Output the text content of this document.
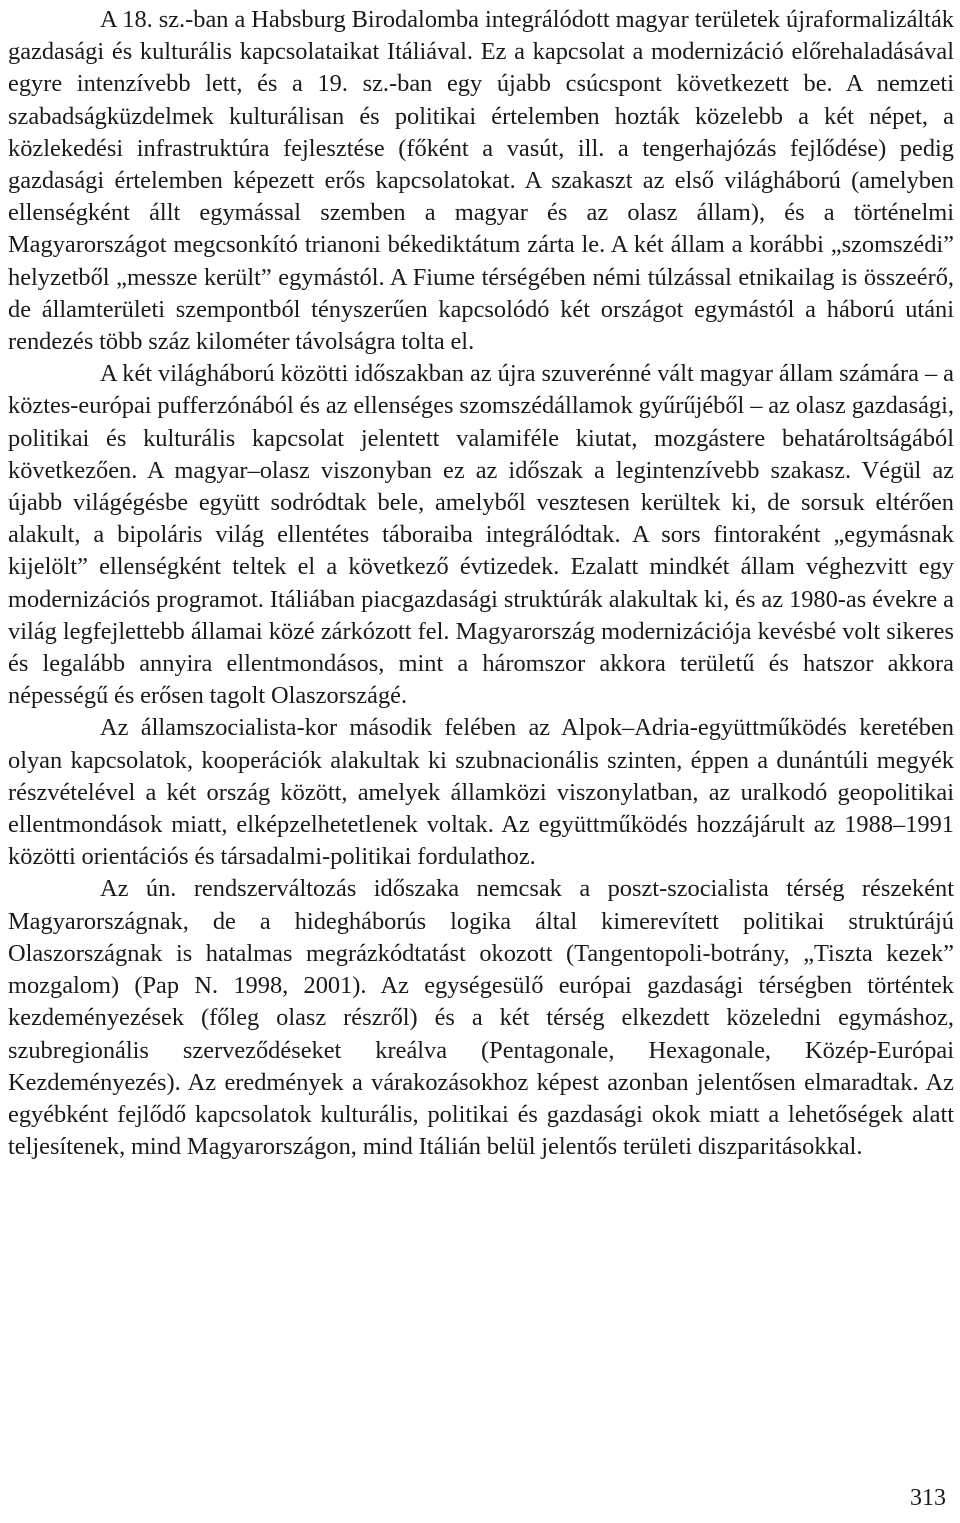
A 18. sz.-ban a Habsburg Birodalomba integrálódott magyar területek újraformalizálták gazdasági és kulturális kapcsolataikat Itáliával. Ez a kapcsolat a modernizáció előrehaladásával egyre intenzívebb lett, és a 19. sz.-ban egy újabb csúcspont következett be. A nemzeti szabadságküzdelmek kulturálisan és politikai értelemben hozták közelebb a két népet, a közlekedési infrastruktúra fejlesztése (főként a vasút, ill. a tengerhajózás fejlődése) pedig gazdasági értelemben képezett erős kapcsolatokat. A szakaszt az első világháború (amelyben ellenségként állt egymással szemben a magyar és az olasz állam), és a történelmi Magyarországot megcsonkító trianoni békediktátum zárta le. A két állam a korábbi „szomszédi” helyzetből „messze került” egymástól. A Fiume térségében némi túlzással etnikailag is összeérő, de államterületi szempontból tényszerűen kapcsolódó két országot egymástól a háború utáni rendezés több száz kilométer távolságra tolta el.

A két világháború közötti időszakban az újra szuverénné vált magyar állam számára – a köztes-európai pufferzónából és az ellenséges szomszédállamok gyűrűjéből – az olasz gazdasági, politikai és kulturális kapcsolat jelentett valamiféle kiutat, mozgástere behatároltságából következően. A magyar–olasz viszonyban ez az időszak a legintenzívebb szakasz. Végül az újabb világégésbe együtt sodródtak bele, amelyből vesztesen kerültek ki, de sorsuk eltérően alakult, a bipoláris világ ellentétes táboraiba integrálódtak. A sors fintoraként „egymásnak kijelölt” ellenségként teltek el a következő évtizedek. Ezalatt mindkét állam véghezvitt egy modernizációs programot. Itáliában piacgazdasági struktúrák alakultak ki, és az 1980-as évekre a világ legfejlettebb államai közé zárkózott fel. Magyarország modernizációja kevésbé volt sikeres és legalább annyira ellentmondásos, mint a háromszor akkora területű és hatszor akkora népességű és erősen tagolt Olaszországé.

Az államszocialista-kor második felében az Alpok–Adria-együttműködés keretében olyan kapcsolatok, kooperációk alakultak ki szubnacionális szinten, éppen a dunántúli megyék részvételével a két ország között, amelyek államközi viszonylatban, az uralkodó geopolitikai ellentmondások miatt, elképzelhetetlenek voltak. Az együttműködés hozzájárult az 1988–1991 közötti orientációs és társadalmi-politikai fordulathoz.

Az ún. rendszerváltozás időszaka nemcsak a poszt-szocialista térség részeként Magyarországnak, de a hidegháborús logika által kimerevített politikai struktúrájú Olaszországnak is hatalmas megrázkódtatást okozott (Tangentopoli-botrány, „Tiszta kezek” mozgalom) (Pap N. 1998, 2001). Az egységesülő európai gazdasági térségben történtek kezdeményezések (főleg olasz részről) és a két térség elkezdett közeledni egymáshoz, szubregionális szerveződéseket kreálva (Pentagonale, Hexagonale, Közép-Európai Kezdeményezés). Az eredmények a várakozásokhoz képest azonban jelentősen elmaradtak. Az egyébként fejlődő kapcsolatok kulturális, politikai és gazdasági okok miatt a lehetőségek alatt teljesítenek, mind Magyarországon, mind Itálián belül jelentős területi diszparitásokkal.

313
